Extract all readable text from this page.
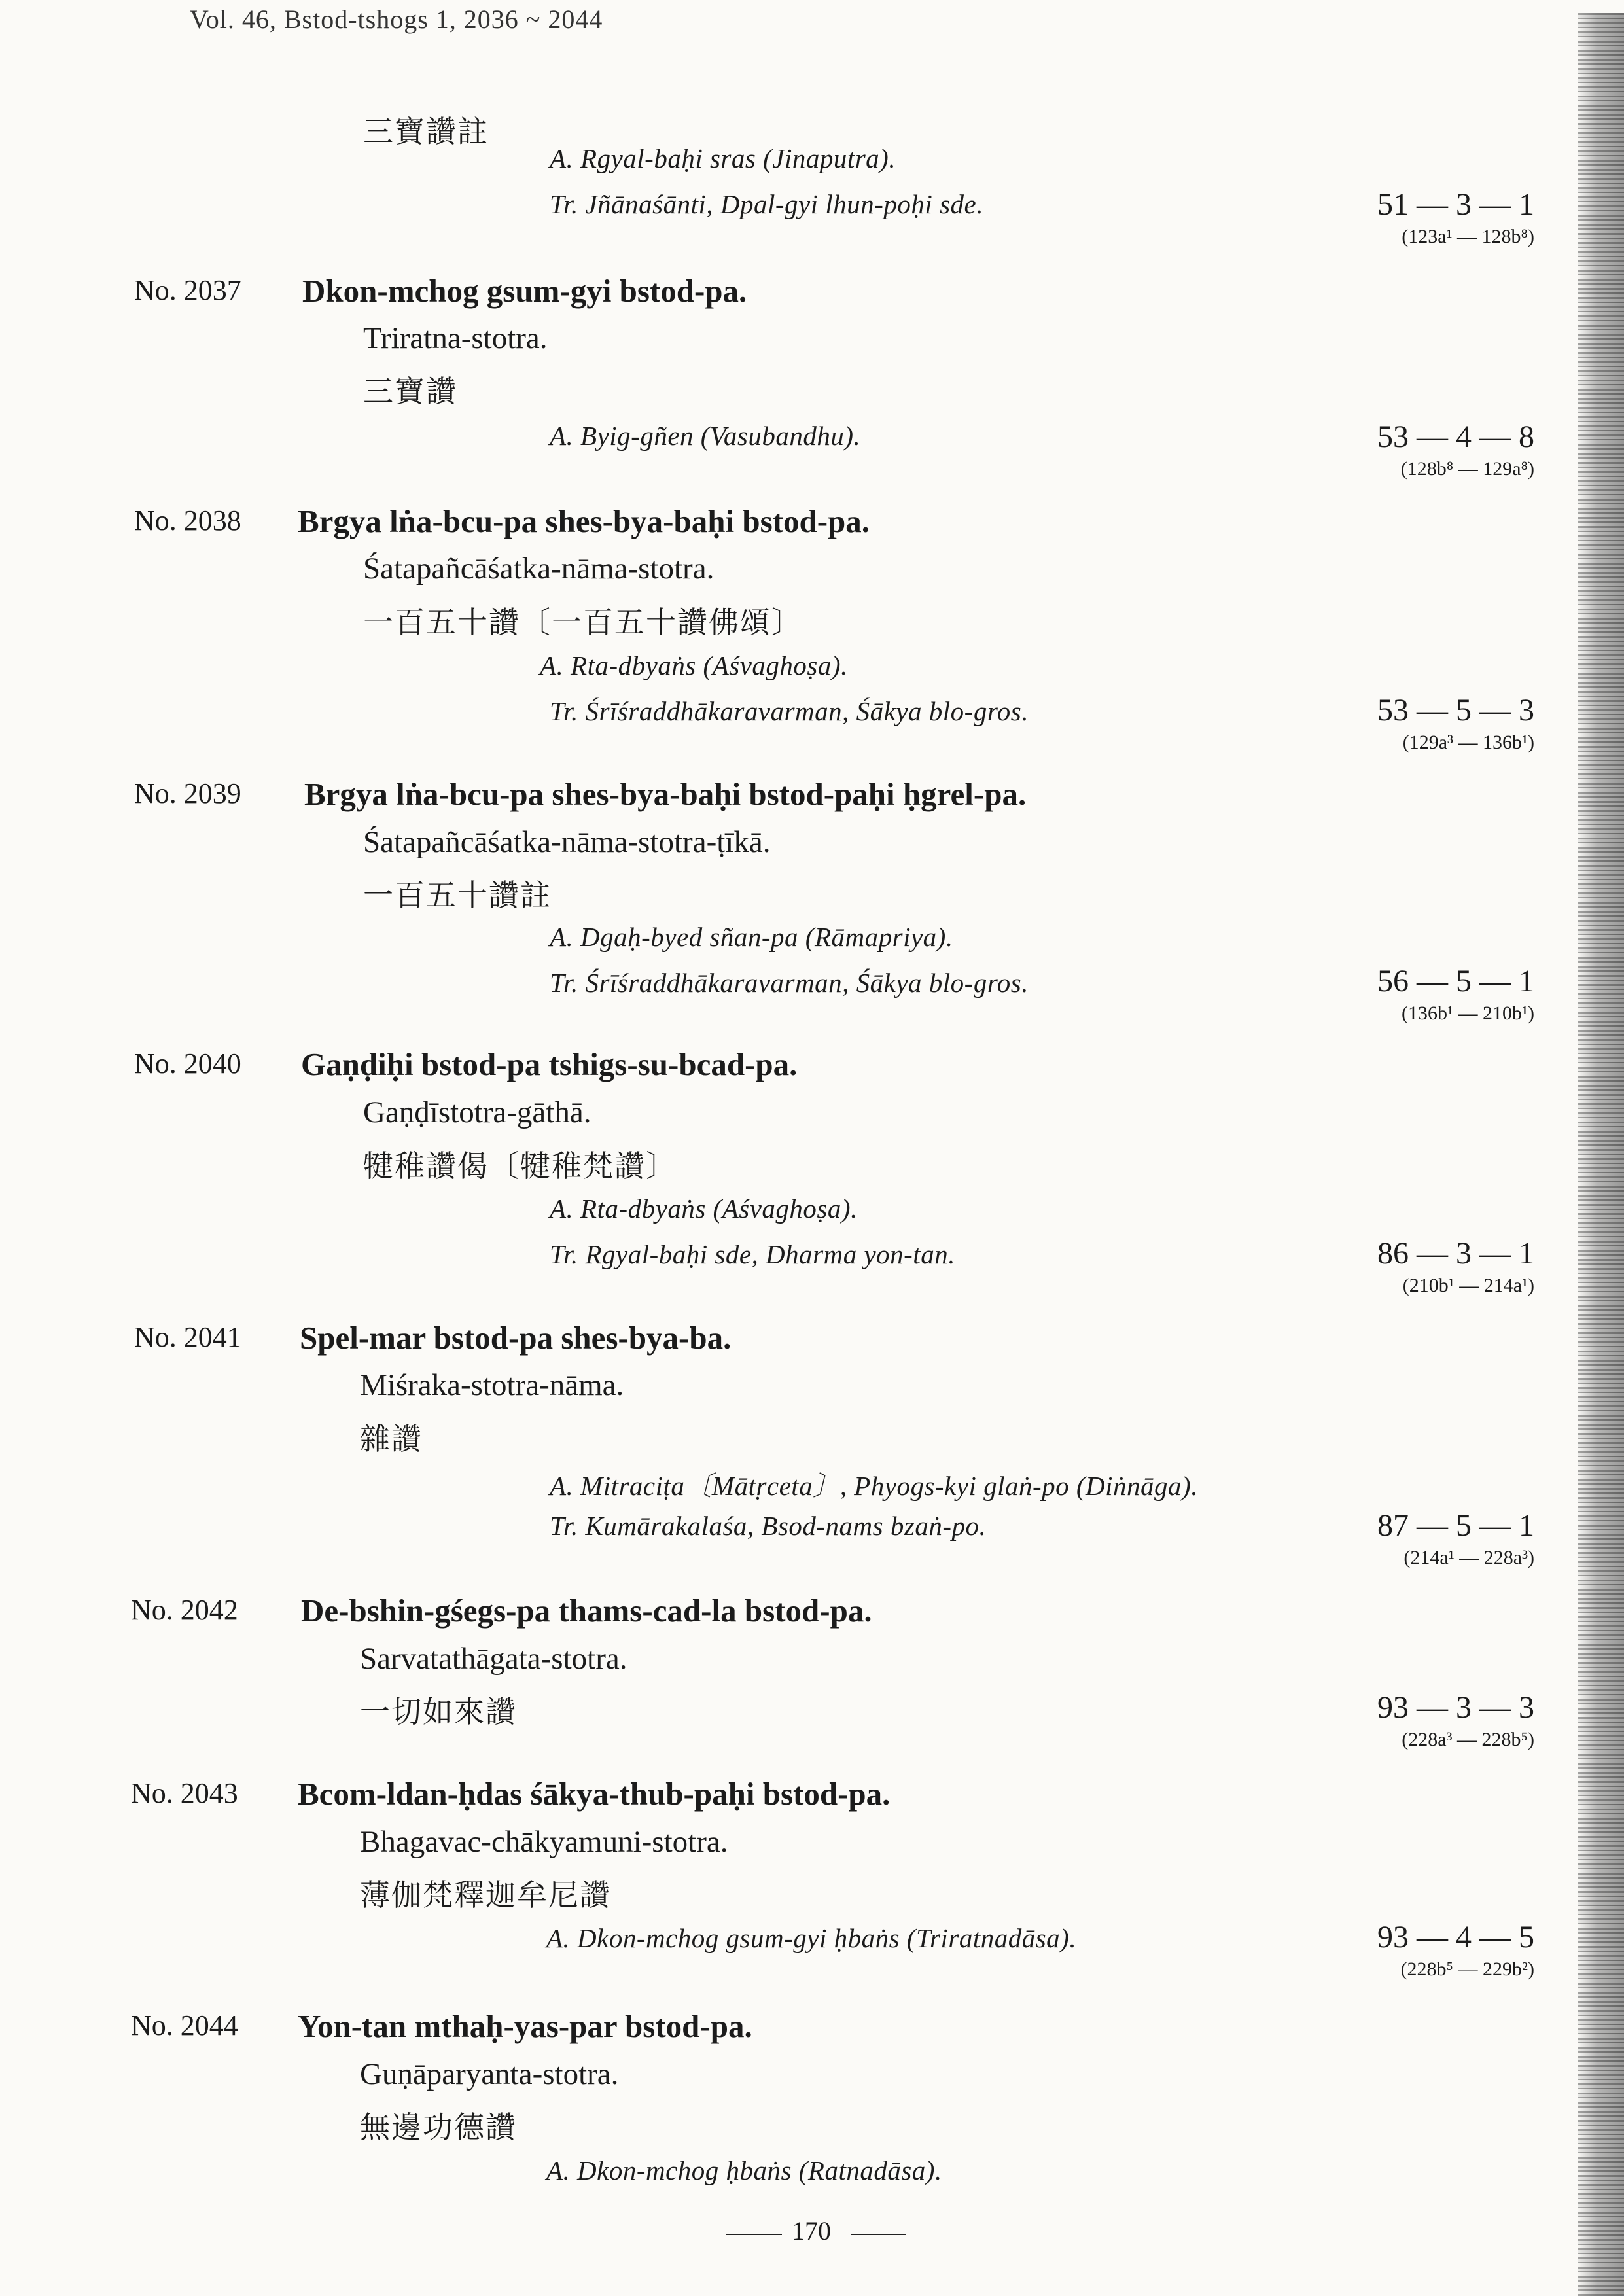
Vol. 46, Bstod-tshogs 1, 2036 ~ 2044
三寶讚註
A. Rgyal-baḥi sras (Jinaputra).
Tr. Jñānaśānti, Dpal-gyi lhun-poḥi sde.	51 — 3 — 1
(123a¹ — 128b⁸)
No. 2037 Dkon-mchog gsum-gyi bstod-pa.
Triratna-stotra.
三寶讚
A. Byig-gñen (Vasubandhu).	53 — 4 — 8
(128b⁸ — 129a⁸)
No. 2038 Brgya lṅa-bcu-pa shes-bya-baḥi bstod-pa.
Śatapañcāśatka-nāma-stotra.
一百五十讚〔一百五十讚佛頌〕
A. Rta-dbyaṅs (Aśvaghoṣa).
Tr. Śrīśraddhākaravarman, Śākya blo-gros.	53 — 5 — 3
(129a³ — 136b¹)
No. 2039 Brgya lṅa-bcu-pa shes-bya-baḥi bstod-paḥi ḥgrel-pa.
Śatapañcāśatka-nāma-stotra-ṭīkā.
一百五十讚註
A. Dgaḥ-byed sñan-pa (Rāmapriya).
Tr. Śrīśraddhākaravarman, Śākya blo-gros.	56 — 5 — 1
(136b¹ — 210b¹)
No. 2040 Gaṇḍiḥi bstod-pa tshigs-su-bcad-pa.
Gaṇḍīstotra-gāthā.
犍稚讚偈〔犍稚梵讚〕
A. Rta-dbyaṅs (Aśvaghoṣa).
Tr. Rgyal-baḥi sde, Dharma yon-tan.	86 — 3 — 1
(210b¹ — 214a¹)
No. 2041 Spel-mar bstod-pa shes-bya-ba.
Miśraka-stotra-nāma.
雜讚
A. Mitraciṭa〔Mātṛceta〕, Phyogs-kyi glaṅ-po (Diṅnāga).
Tr. Kumārakalaśa, Bsod-nams bzaṅ-po.	87 — 5 — 1
(214a¹ — 228a³)
No. 2042 De-bshin-gśegs-pa thams-cad-la bstod-pa.
Sarvatathāgata-stotra.
一切如來讚	93 — 3 — 3
(228a³ — 228b⁵)
No. 2043 Bcom-ldan-ḥdas śākya-thub-paḥi bstod-pa.
Bhagavac-chākyamuni-stotra.
薄伽梵釋迦牟尼讚
A. Dkon-mchog gsum-gyi ḥbaṅs (Triratnadāsa).	93 — 4 — 5
(228b⁵ — 229b²)
No. 2044 Yon-tan mthaḥ-yas-par bstod-pa.
Guṇāparyanta-stotra.
無邊功德讚
A. Dkon-mchog ḥbaṅs (Ratnadāsa).
170
